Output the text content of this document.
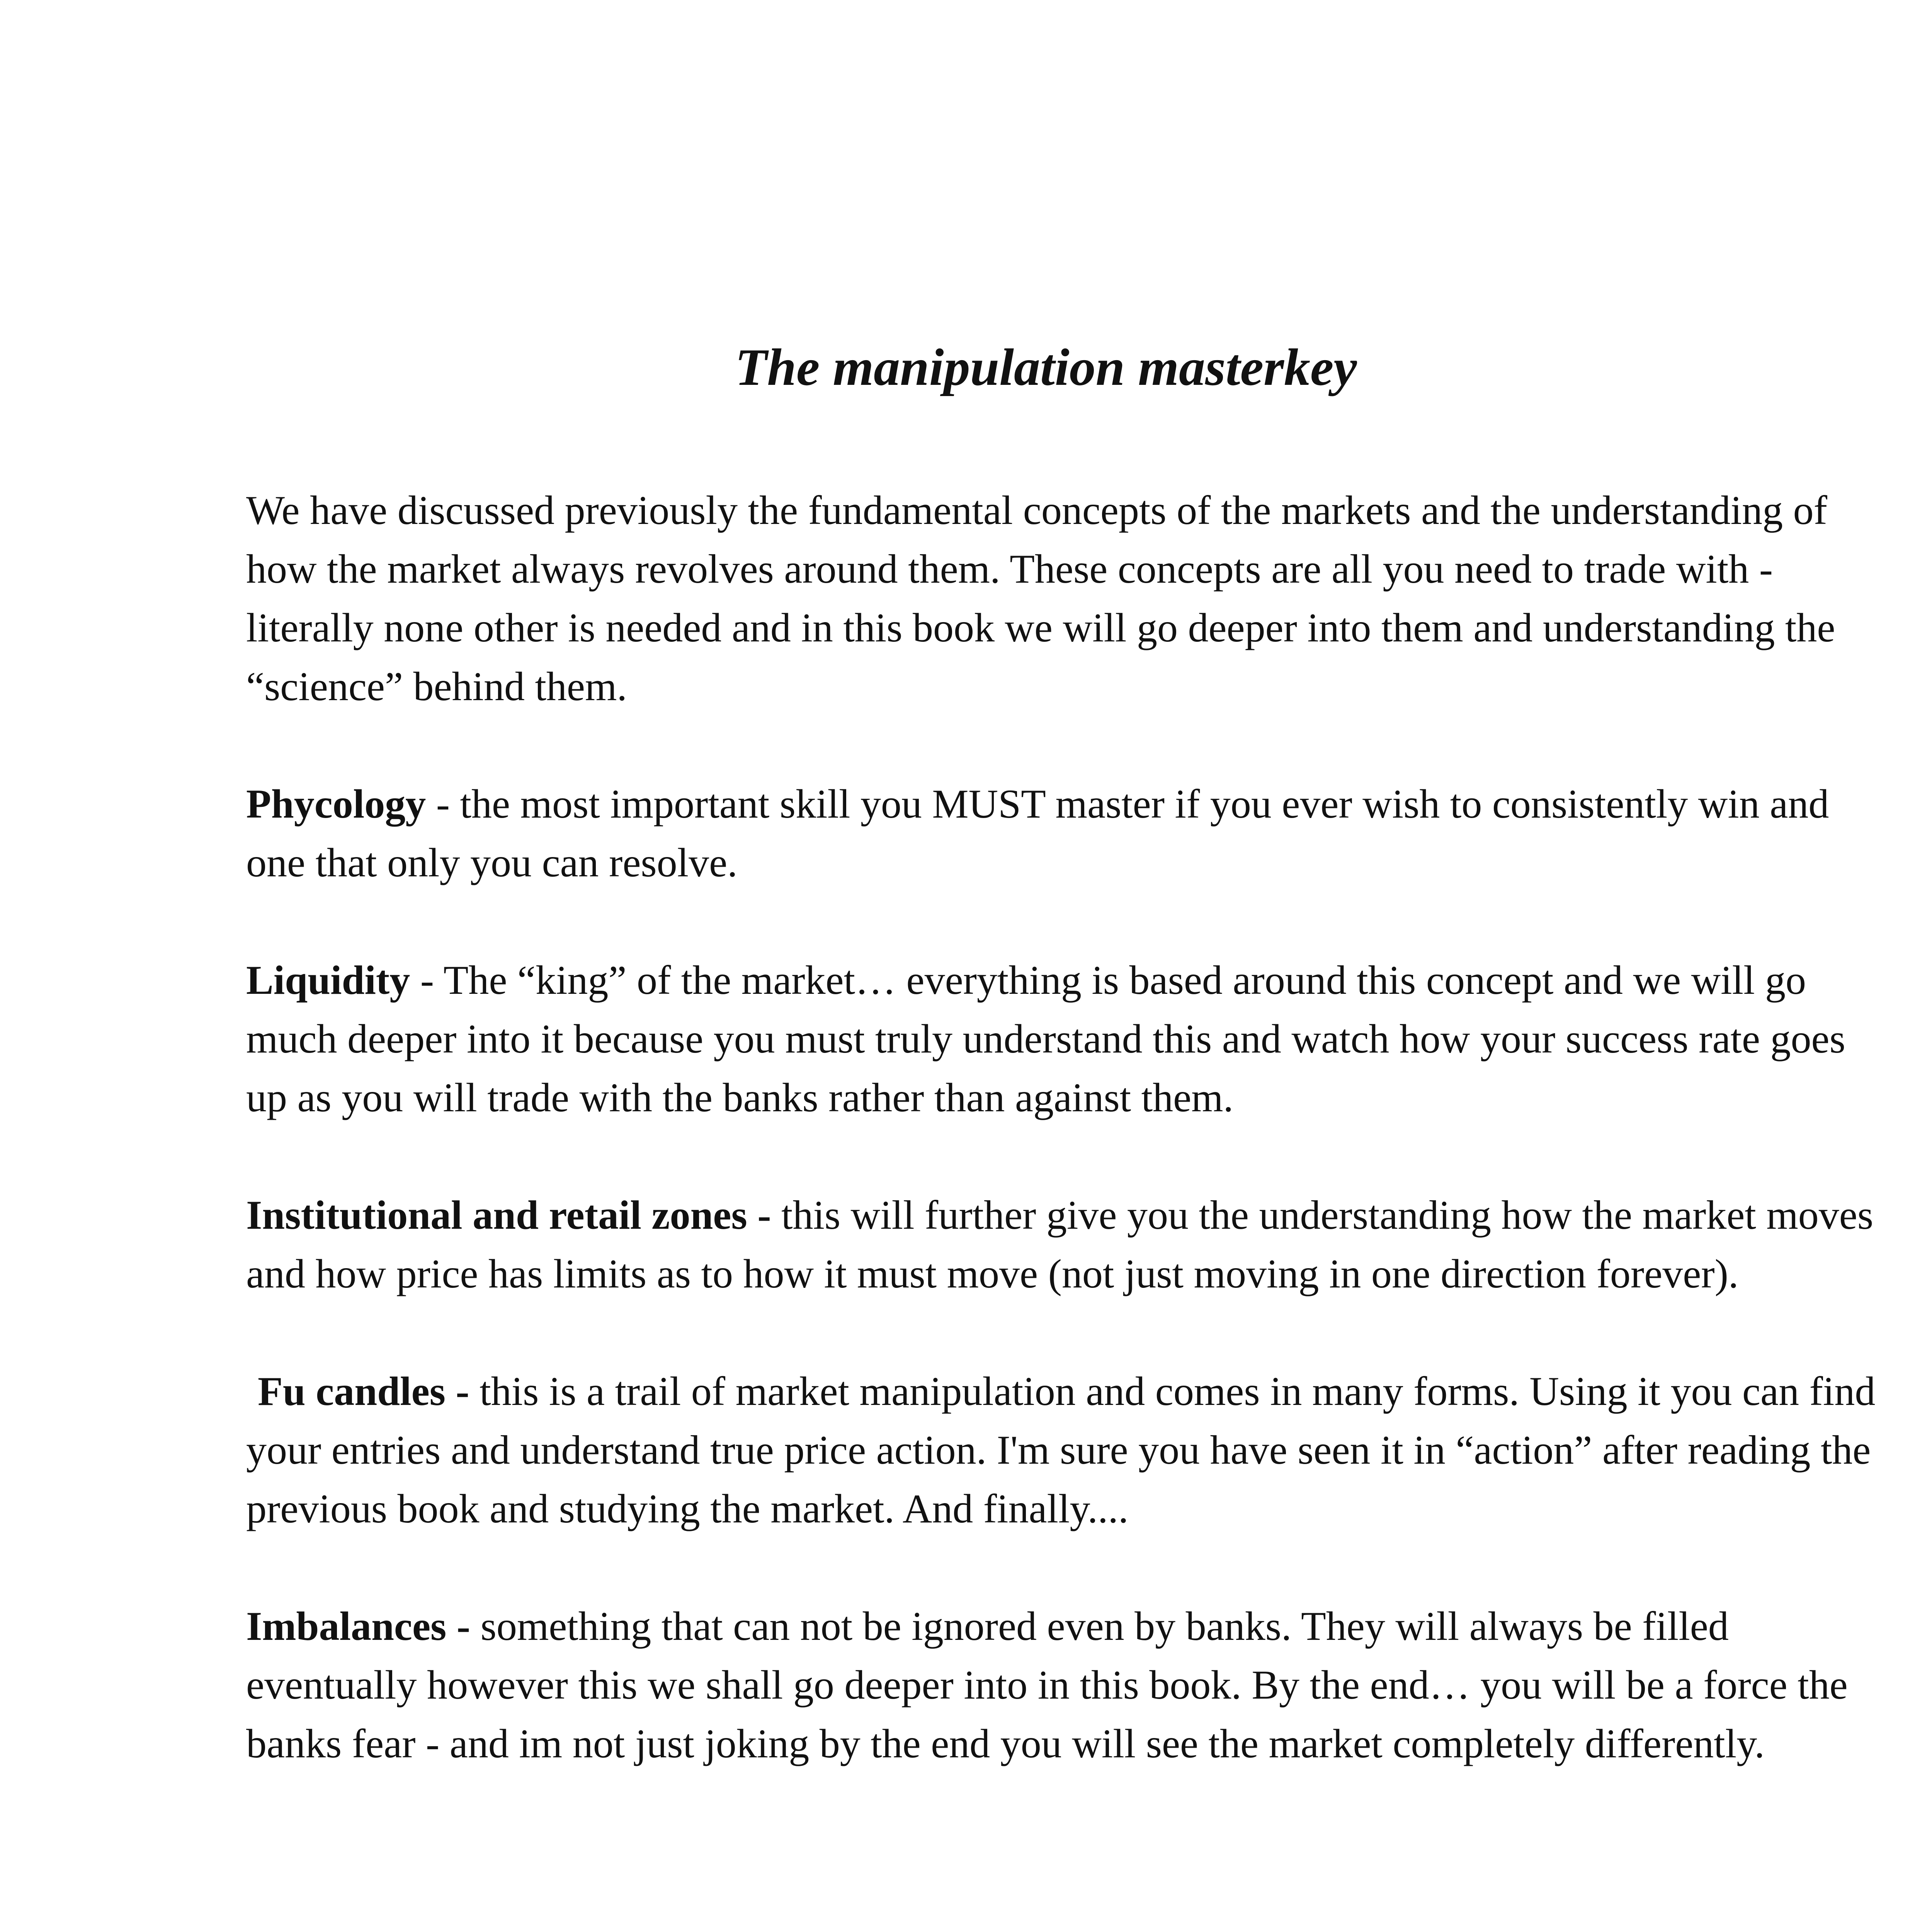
The manipulation masterkey

We have discussed previously the fundamental concepts of the markets and the understanding of how the market always revolves around them. These concepts are all you need to trade with - literally none other is needed and in this book we will go deeper into them and understanding the “science” behind them.

Phycology - the most important skill you MUST master if you ever wish to consistently win and one that only you can resolve.

Liquidity - The “king” of the market… everything is based around this concept and we will go much deeper into it because you must truly understand this and watch how your success rate goes up as you will trade with the banks rather than against them.

Institutional and retail zones - this will further give you the understanding how the market moves and how price has limits as to how it must move (not just moving in one direction forever).

Fu candles - this is a trail of market manipulation and comes in many forms. Using it you can find your entries and understand true price action. I'm sure you have seen it in “action” after reading the previous book and studying the market. And finally....

Imbalances - something that can not be ignored even by banks. They will always be filled eventually however this we shall go deeper into in this book. By the end… you will be a force the banks fear - and im not just joking by the end you will see the market completely differently.
